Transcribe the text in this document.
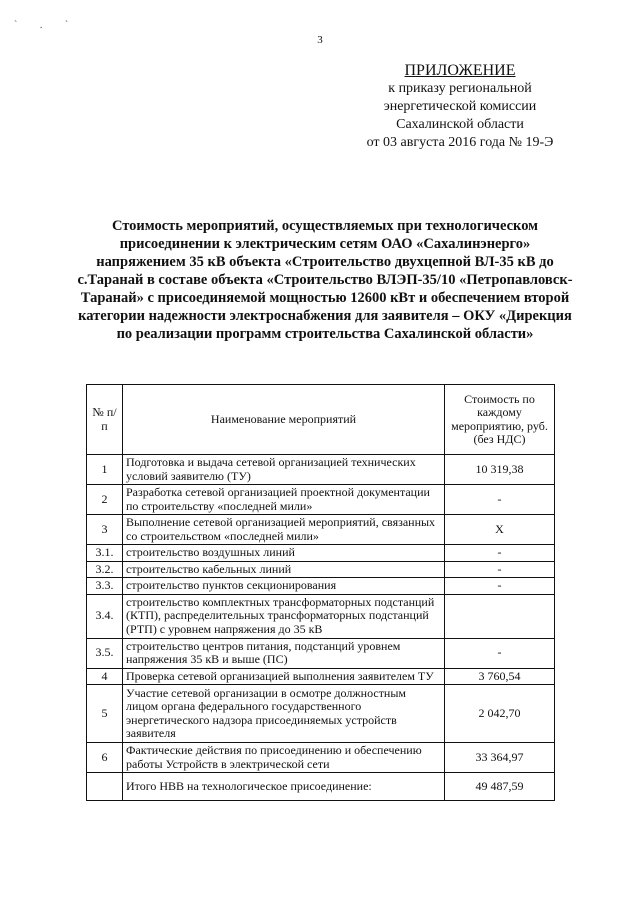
` . `
3
ПРИЛОЖЕНИЕ
к приказу региональной
энергетической комиссии
Сахалинской области
от 03 августа 2016 года № 19-Э
Стоимость мероприятий, осуществляемых при технологическом присоединении к электрическим сетям ОАО «Сахалинэнерго» напряжением 35 кВ объекта «Строительство двухцепной ВЛ-35 кВ до с.Таранай в составе объекта «Строительство ВЛЭП-35/10 «Петропавловск-Таранай» с присоединяемой мощностью 12600 кВт и обеспечением второй категории надежности электроснабжения для заявителя – ОКУ «Дирекция по реализации программ строительства Сахалинской области»
№ п/п	Наименование мероприятий	Стоимость по каждому мероприятию, руб. (без НДС)
1	Подготовка и выдача сетевой организацией технических условий заявителю (ТУ)	10 319,38
2	Разработка сетевой организацией проектной документации по строительству «последней мили»	-
3	Выполнение сетевой организацией мероприятий, связанных со строительством «последней мили»	X
3.1.	строительство воздушных линий	-
3.2.	строительство кабельных линий	-
3.3.	строительство пунктов секционирования	-
3.4.	строительство комплектных трансформаторных подстанций (КТП), распределительных трансформаторных подстанций (РТП) с уровнем напряжения до 35 кВ	
3.5.	строительство центров питания, подстанций уровнем напряжения 35 кВ и выше (ПС)	-
4	Проверка сетевой организацией выполнения заявителем ТУ	3 760,54
5	Участие сетевой организации в осмотре должностным лицом органа федерального государственного энергетического надзора присоединяемых устройств заявителя	2 042,70
6	Фактические действия по присоединению и обеспечению работы Устройств в электрической сети	33 364,97
	Итого НВВ на технологическое присоединение:	49 487,59
